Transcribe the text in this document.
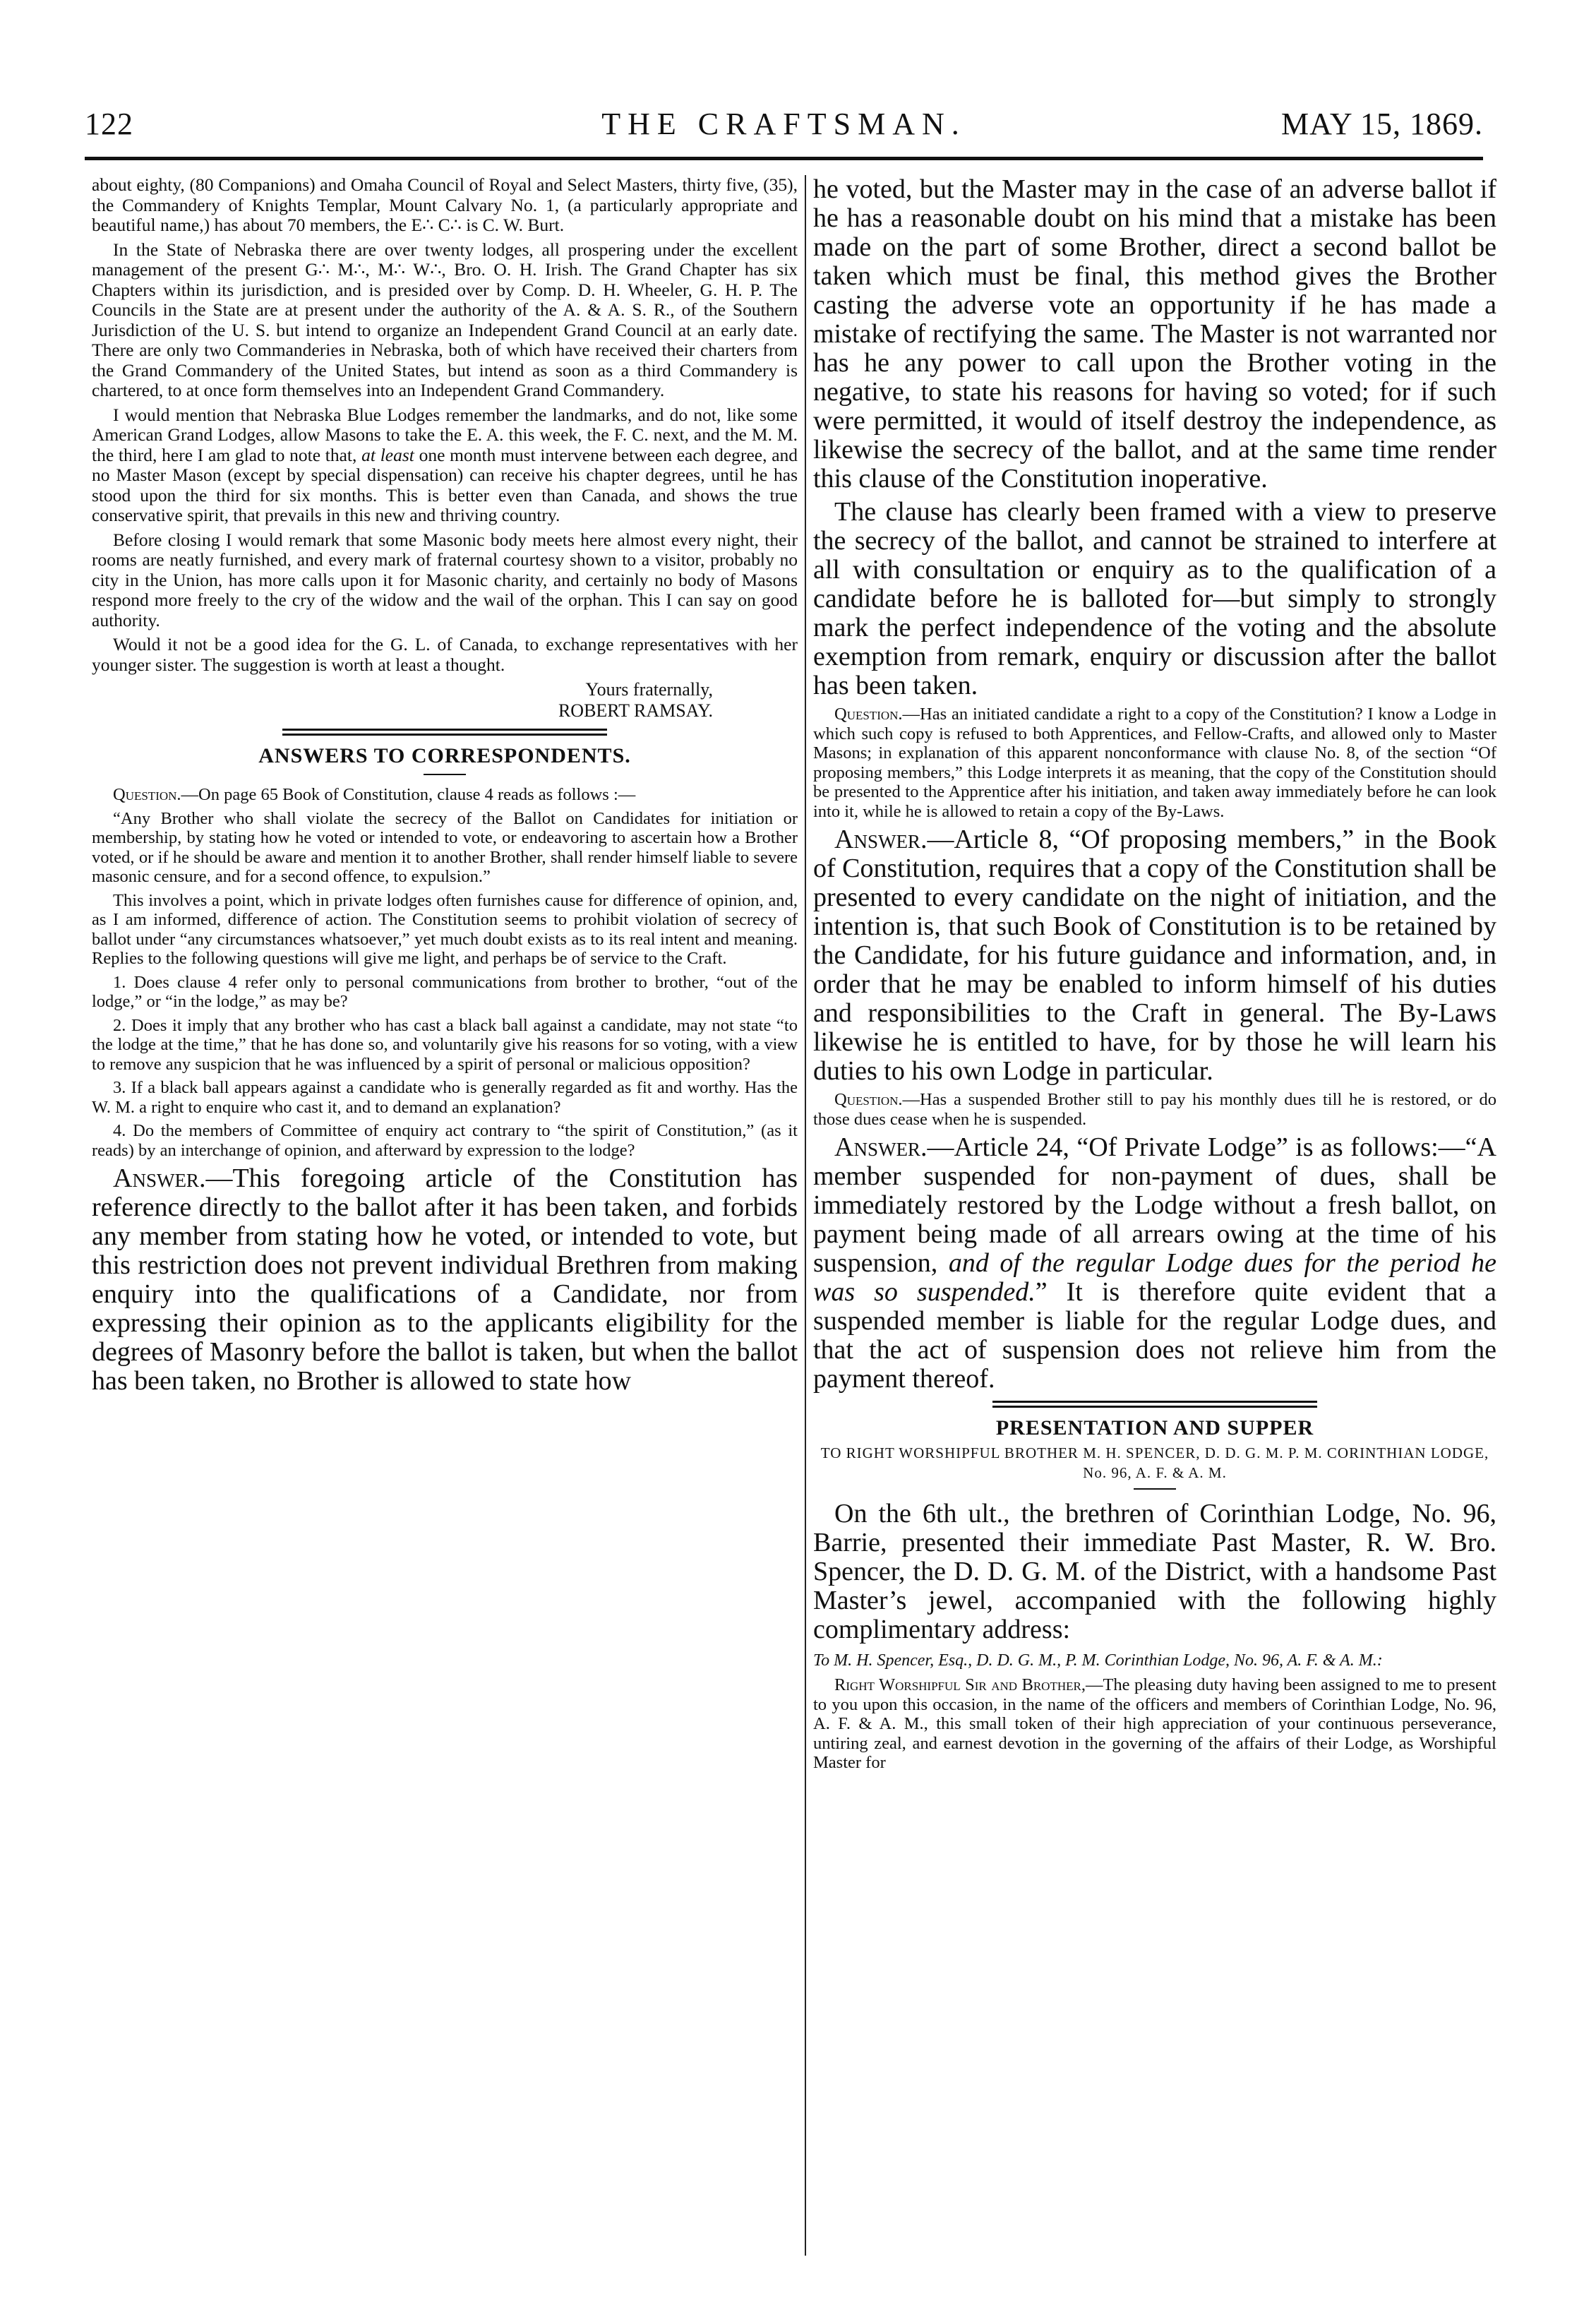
122	THE CRAFTSMAN.	MAY 15, 1869.

about eighty, (80 Companions) and Omaha Council of Royal and Select Masters, thirty five, (35), the Commandery of Knights Templar, Mount Calvary No. 1, (a particularly appropriate and beautiful name,) has about 70 members, the E∴ C∴ is C. W. Burt.

In the State of Nebraska there are over twenty lodges, all prospering under the excellent management of the present G∴ M∴, M∴ W∴, Bro. O. H. Irish. The Grand Chapter has six Chapters within its jurisdiction, and is presided over by Comp. D. H. Wheeler, G. H. P. The Councils in the State are at present under the authority of the A. & A. S. R., of the Southern Jurisdiction of the U. S. but intend to organize an Independent Grand Council at an early date. There are only two Commanderies in Nebraska, both of which have received their charters from the Grand Commandery of the United States, but intend as soon as a third Commandery is chartered, to at once form themselves into an Independent Grand Commandery.

I would mention that Nebraska Blue Lodges remember the landmarks, and do not, like some American Grand Lodges, allow Masons to take the E. A. this week, the F. C. next, and the M. M. the third, here I am glad to note that, at least one month must intervene between each degree, and no Master Mason (except by special dispensation) can receive his chapter degrees, until he has stood upon the third for six months. This is better even than Canada, and shows the true conservative spirit, that prevails in this new and thriving country.

Before closing I would remark that some Masonic body meets here almost every night, their rooms are neatly furnished, and every mark of fraternal courtesy shown to a visitor, probably no city in the Union, has more calls upon it for Masonic charity, and certainly no body of Masons respond more freely to the cry of the widow and the wail of the orphan. This I can say on good authority.

Would it not be a good idea for the G. L. of Canada, to exchange representatives with her younger sister. The suggestion is worth at least a thought.

Yours fraternally,

ROBERT RAMSAY.

ANSWERS TO CORRESPONDENTS.

Question.—On page 65 Book of Constitution, clause 4 reads as follows :—

“Any Brother who shall violate the secrecy of the Ballot on Candidates for initiation or membership, by stating how he voted or intended to vote, or endeavoring to ascertain how a Brother voted, or if he should be aware and mention it to another Brother, shall render himself liable to severe masonic censure, and for a second offence, to expulsion.”

This involves a point, which in private lodges often furnishes cause for difference of opinion, and, as I am informed, difference of action. The Constitution seems to prohibit violation of secrecy of ballot under “any circumstances whatsoever,” yet much doubt exists as to its real intent and meaning. Replies to the following questions will give me light, and perhaps be of service to the Craft.

1. Does clause 4 refer only to personal communications from brother to brother, “out of the lodge,” or “in the lodge,” as may be?

2. Does it imply that any brother who has cast a black ball against a candidate, may not state “to the lodge at the time,” that he has done so, and voluntarily give his reasons for so voting, with a view to remove any suspicion that he was influenced by a spirit of personal or malicious opposition?

3. If a black ball appears against a candidate who is generally regarded as fit and worthy. Has the W. M. a right to enquire who cast it, and to demand an explanation?

4. Do the members of Committee of enquiry act contrary to “the spirit of Constitution,” (as it reads) by an interchange of opinion, and afterward by expression to the lodge?

Answer.—This foregoing article of the Constitution has reference directly to the ballot after it has been taken, and forbids any member from stating how he voted, or intended to vote, but this restriction does not prevent individual Brethren from making enquiry into the qualifications of a Candidate, nor from expressing their opinion as to the applicants eligibility for the degrees of Masonry before the ballot is taken, but when the ballot has been taken, no Brother is allowed to state how

he voted, but the Master may in the case of an adverse ballot if he has a reasonable doubt on his mind that a mistake has been made on the part of some Brother, direct a second ballot be taken which must be final, this method gives the Brother casting the adverse vote an opportunity if he has made a mistake of rectifying the same. The Master is not warranted nor has he any power to call upon the Brother voting in the negative, to state his reasons for having so voted; for if such were permitted, it would of itself destroy the independence, as likewise the secrecy of the ballot, and at the same time render this clause of the Constitution inoperative.

The clause has clearly been framed with a view to preserve the secrecy of the ballot, and cannot be strained to interfere at all with consultation or enquiry as to the qualification of a candidate before he is balloted for—but simply to strongly mark the perfect independence of the voting and the absolute exemption from remark, enquiry or discussion after the ballot has been taken.

Question.—Has an initiated candidate a right to a copy of the Constitution? I know a Lodge in which such copy is refused to both Apprentices, and Fellow-Crafts, and allowed only to Master Masons; in explanation of this apparent nonconformance with clause No. 8, of the section “Of proposing members,” this Lodge interprets it as meaning, that the copy of the Constitution should be presented to the Apprentice after his initiation, and taken away immediately before he can look into it, while he is allowed to retain a copy of the By-Laws.

Answer.—Article 8, “Of proposing members,” in the Book of Constitution, requires that a copy of the Constitution shall be presented to every candidate on the night of initiation, and the intention is, that such Book of Constitution is to be retained by the Candidate, for his future guidance and information, and, in order that he may be enabled to inform himself of his duties and responsibilities to the Craft in general. The By-Laws likewise he is entitled to have, for by those he will learn his duties to his own Lodge in particular.

Question.—Has a suspended Brother still to pay his monthly dues till he is restored, or do those dues cease when he is suspended.

Answer.—Article 24, “Of Private Lodge” is as follows:—“A member suspended for non-payment of dues, shall be immediately restored by the Lodge without a fresh ballot, on payment being made of all arrears owing at the time of his suspension, and of the regular Lodge dues for the period he was so suspended.” It is therefore quite evident that a suspended member is liable for the regular Lodge dues, and that the act of suspension does not relieve him from the payment thereof.

PRESENTATION AND SUPPER
TO RIGHT WORSHIPFUL BROTHER M. H. SPENCER, D. D. G. M. P. M. CORINTHIAN LODGE, No. 96, A. F. & A. M.

On the 6th ult., the brethren of Corinthian Lodge, No. 96, Barrie, presented their immediate Past Master, R. W. Bro. Spencer, the D. D. G. M. of the District, with a handsome Past Master’s jewel, accompanied with the following highly complimentary address:

To M. H. Spencer, Esq., D. D. G. M., P. M. Corinthian Lodge, No. 96, A. F. & A. M.:

Right Worshipful Sir and Brother,—The pleasing duty having been assigned to me to present to you upon this occasion, in the name of the officers and members of Corinthian Lodge, No. 96, A. F. & A. M., this small token of their high appreciation of your continuous perseverance, untiring zeal, and earnest devotion in the governing of the affairs of their Lodge, as Worshipful Master for
